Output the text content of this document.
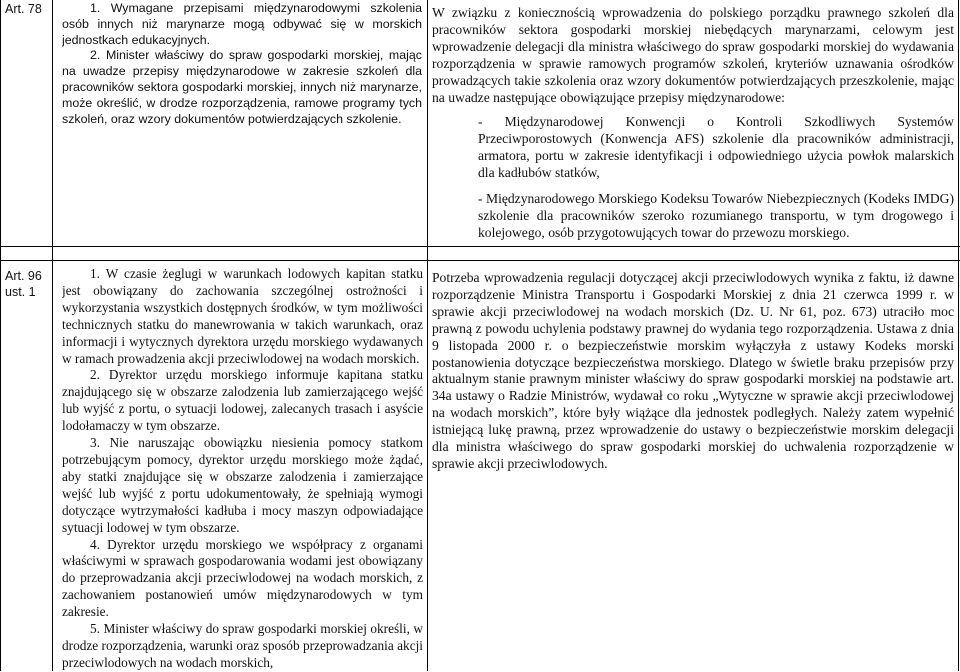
Art. 78	1. Wymagane przepisami międzynarodowymi szkolenia osób innych niż marynarze mogą odbywać się w morskich jednostkach edukacyjnych.

2. Minister właściwy do spraw gospodarki morskiej, mając na uwadze przepisy międzynarodowe w zakresie szkoleń dla pracowników sektora gospodarki morskiej, innych niż marynarze, może określić, w drodze rozporządzenia, ramowe programy tych szkoleń, oraz wzory dokumentów potwierdzających szkolenie.

W związku z koniecznością wprowadzenia do polskiego porządku prawnego szkoleń dla pracowników sektora gospodarki morskiej niebędących marynarzami, celowym jest wprowadzenie delegacji dla ministra właściwego do spraw gospodarki morskiej do wydawania rozporządzenia w sprawie ramowych programów szkoleń, kryteriów uznawania ośrodków prowadzących takie szkolenia oraz wzory dokumentów potwierdzających przeszkolenie, mając na uwadze następujące obowiązujące przepisy międzynarodowe:

- Międzynarodowej Konwencji o Kontroli Szkodliwych Systemów Przeciwporostowych (Konwencja AFS) szkolenie dla pracowników administracji, armatora, portu w zakresie identyfikacji i odpowiedniego użycia powłok malarskich dla kadłubów statków,

- Międzynarodowego Morskiego Kodeksu Towarów Niebezpiecznych (Kodeks IMDG) szkolenie dla pracowników szeroko rozumianego transportu, w tym drogowego i kolejowego, osób przygotowujących towar do przewozu morskiego.

Art. 96
ust. 1

1. W czasie żeglugi w warunkach lodowych kapitan statku jest obowiązany do zachowania szczególnej ostrożności i wykorzystania wszystkich dostępnych środków, w tym możliwości technicznych statku do manewrowania w takich warunkach, oraz informacji i wytycznych dyrektora urzędu morskiego wydawanych w ramach prowadzenia akcji przeciwlodowej na wodach morskich.

2. Dyrektor urzędu morskiego informuje kapitana statku znajdującego się w obszarze zalodzenia lub zamierzającego wejść lub wyjść z portu, o sytuacji lodowej, zalecanych trasach i asyście lodołamaczy w tym obszarze.

3. Nie naruszając obowiązku niesienia pomocy statkom potrzebującym pomocy, dyrektor urzędu morskiego może żądać, aby statki znajdujące się w obszarze zalodzenia i zamierzające wejść lub wyjść z portu udokumentowały, że spełniają wymogi dotyczące wytrzymałości kadłuba i mocy maszyn odpowiadające sytuacji lodowej w tym obszarze.

4. Dyrektor urzędu morskiego we współpracy z organami właściwymi w sprawach gospodarowania wodami jest obowiązany do przeprowadzania akcji przeciwlodowej na wodach morskich, z zachowaniem postanowień umów międzynarodowych w tym zakresie.

5. Minister właściwy do spraw gospodarki morskiej określi, w drodze rozporządzenia, warunki oraz sposób przeprowadzania akcji przeciwlodowych na wodach morskich,

Potrzeba wprowadzenia regulacji dotyczącej akcji przeciwlodowych wynika z faktu, iż dawne rozporządzenie Ministra Transportu i Gospodarki Morskiej z dnia 21 czerwca 1999 r. w sprawie akcji przeciwlodowej na wodach morskich (Dz. U. Nr 61, poz. 673) utraciło moc prawną z powodu uchylenia podstawy prawnej do wydania tego rozporządzenia. Ustawa z dnia 9 listopada 2000 r. o bezpieczeństwie morskim wyłączyła z ustawy Kodeks morski postanowienia dotyczące bezpieczeństwa morskiego. Dlatego w świetle braku przepisów przy aktualnym stanie prawnym minister właściwy do spraw gospodarki morskiej na podstawie art. 34a ustawy o Radzie Ministrów, wydawał co roku „Wytyczne w sprawie akcji przeciwlodowej na wodach morskich”, które były wiążące dla jednostek podległych. Należy zatem wypełnić istniejącą lukę prawną, przez wprowadzenie do ustawy o bezpieczeństwie morskim delegacji dla ministra właściwego do spraw gospodarki morskiej do uchwalenia rozporządzenie w sprawie akcji przeciwlodowych.
